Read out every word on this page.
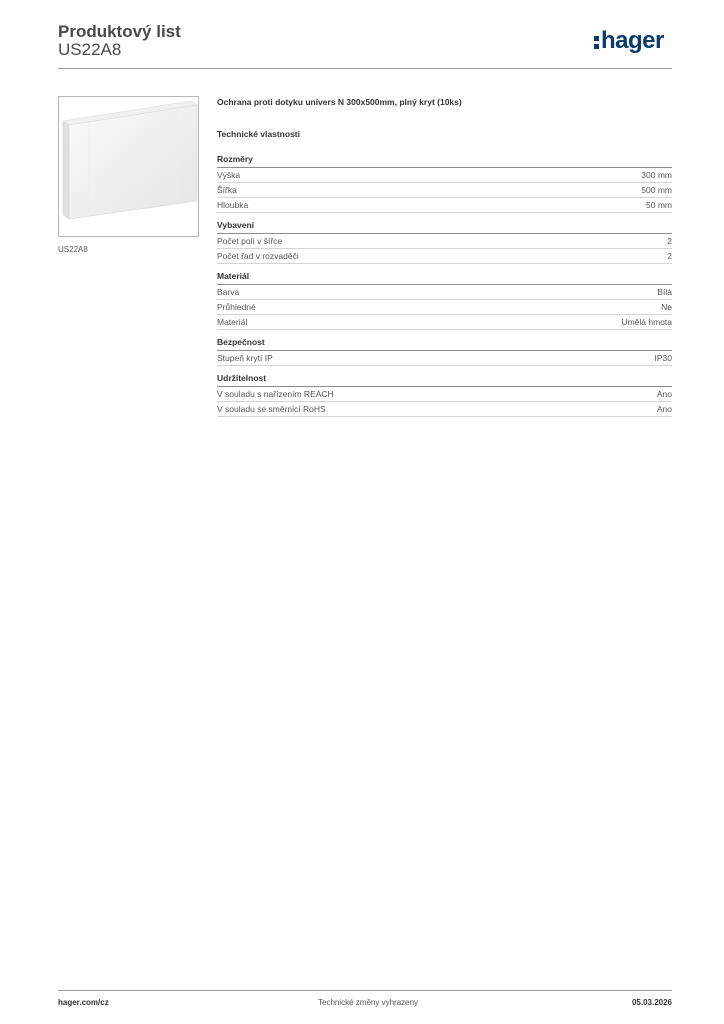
Produktový list
US22A8	hager
US22A8
Ochrana proti dotyku univers N 300x500mm, plný kryt (10ks)
Technické vlastnosti
Rozměry
Výška	300 mm
Šířka	500 mm
Hloubka	50 mm
Vybavení
Počet polí v šířce	2
Počet řad v rozvaděči	2
Materiál
Barva	Bílá
Průhledné	Ne
Materiál	Umělá hmota
Bezpečnost
Stupeň krytí IP	IP30
Udržitelnost
V souladu s nařízením REACH	Ano
V souladu se směrnicí RoHS	Ano
hager.com/cz	Technické změny vyhrazeny	05.03.2026
